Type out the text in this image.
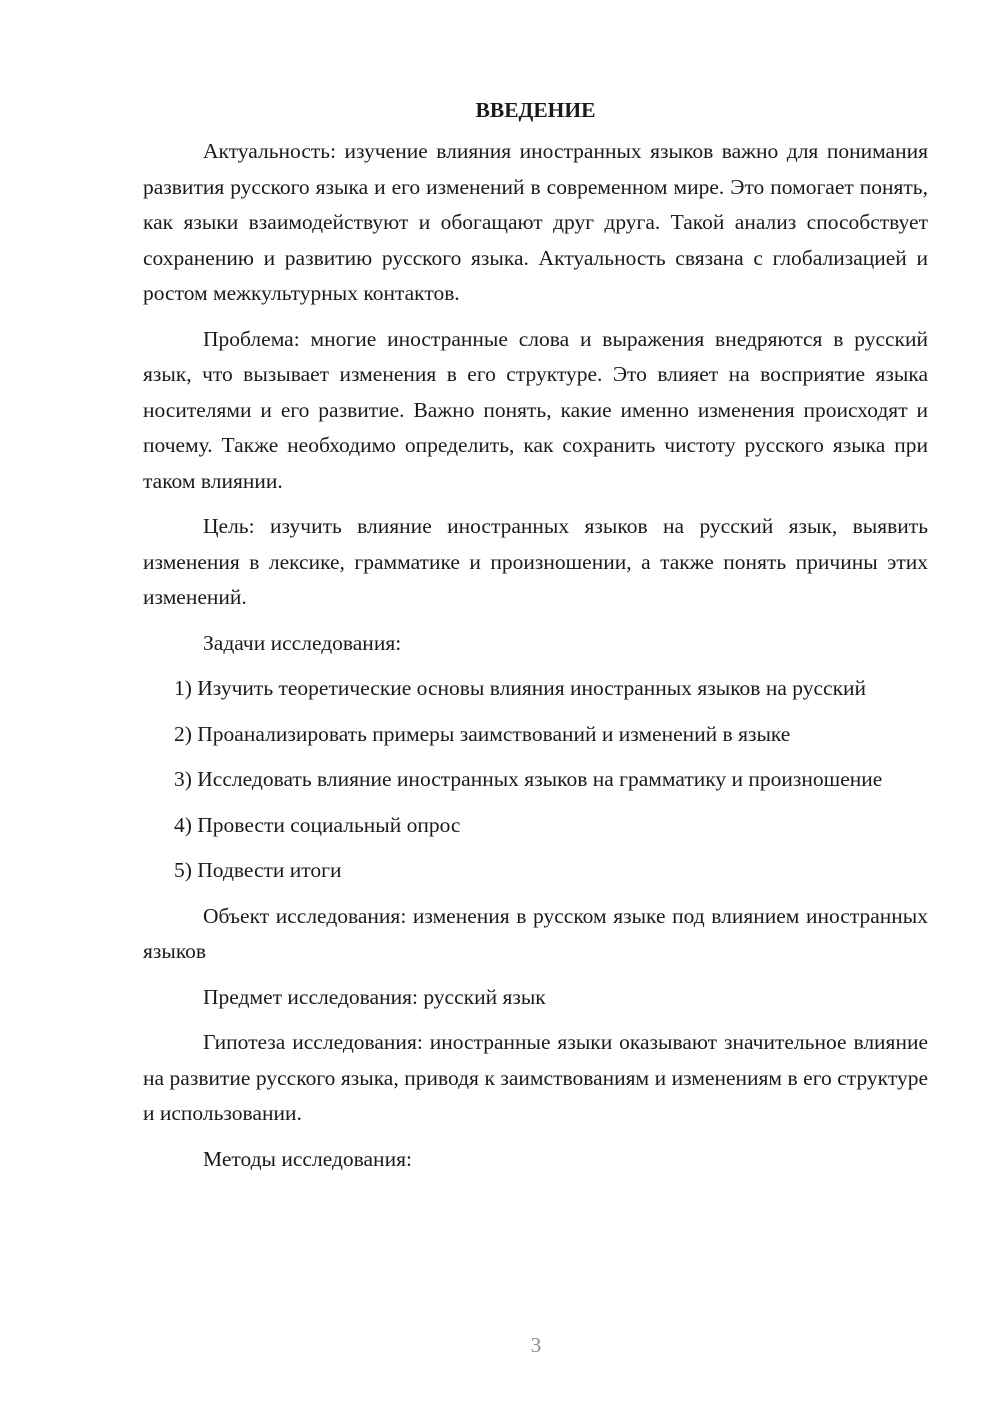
ВВЕДЕНИЕ

Актуальность: изучение влияния иностранных языков важно для понимания развития русского языка и его изменений в современном мире. Это помогает понять, как языки взаимодействуют и обогащают друг друга. Такой анализ способствует сохранению и развитию русского языка. Актуальность связана с глобализацией и ростом межкультурных контактов.

Проблема: многие иностранные слова и выражения внедряются в русский язык, что вызывает изменения в его структуре. Это влияет на восприятие языка носителями и его развитие. Важно понять, какие именно изменения происходят и почему. Также необходимо определить, как сохранить чистоту русского языка при таком влиянии.

Цель: изучить влияние иностранных языков на русский язык, выявить изменения в лексике, грамматике и произношении, а также понять причины этих изменений.

Задачи исследования:

1) Изучить теоретические основы влияния иностранных языков на русский

2) Проанализировать примеры заимствований и изменений в языке

3) Исследовать влияние иностранных языков на грамматику и произношение

4) Провести социальный опрос

5) Подвести итоги

Объект исследования: изменения в русском языке под влиянием иностранных языков

Предмет исследования: русский язык

Гипотеза исследования: иностранные языки оказывают значительное влияние на развитие русского языка, приводя к заимствованиям и изменениям в его структуре и использовании.

Методы исследования:

3
